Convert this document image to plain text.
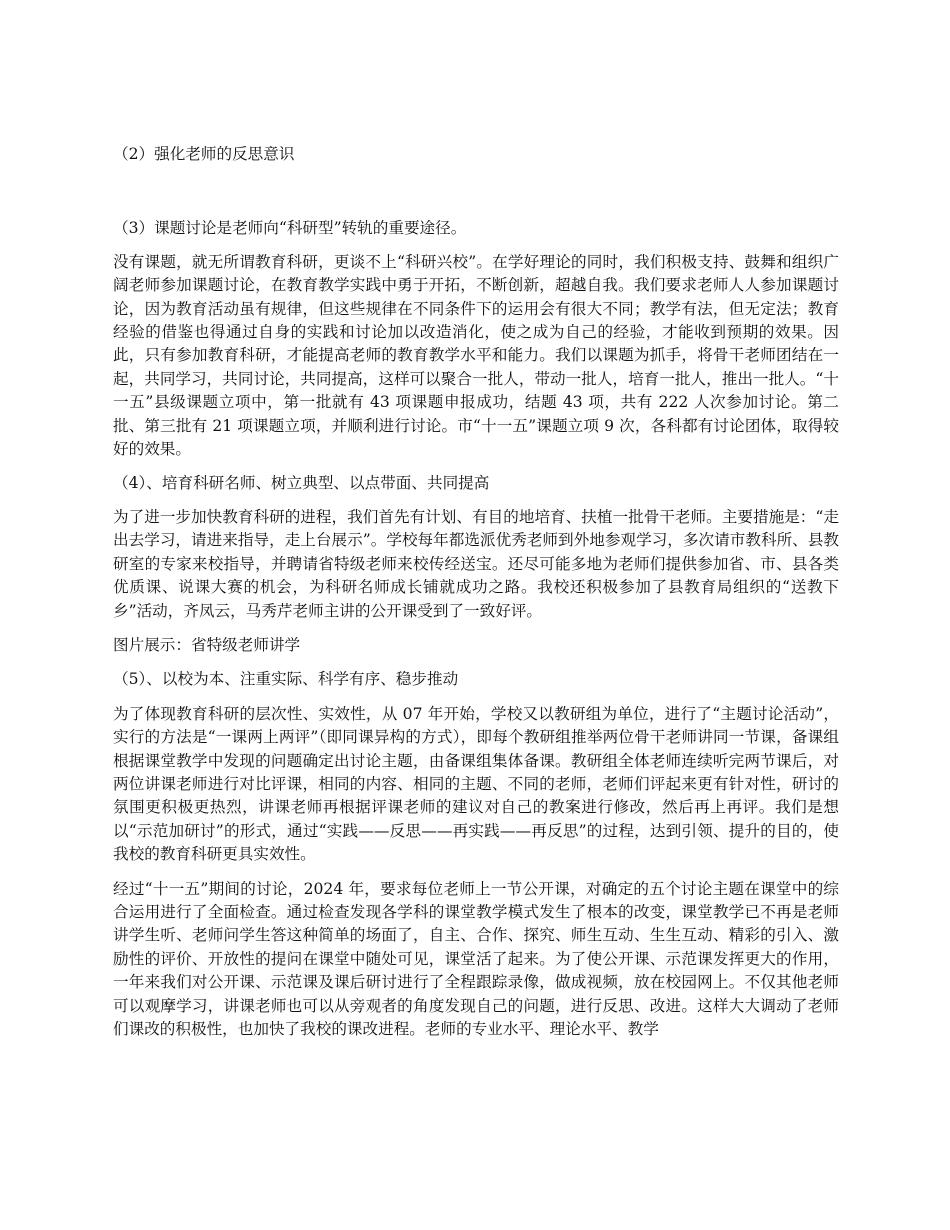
（2）强化老师的反思意识

（3）课题讨论是老师向“科研型”转轨的重要途径。

没有课题，就无所谓教育科研，更谈不上“科研兴校”。在学好理论的同时，我们积极支持、鼓舞和组织广阔老师参加课题讨论，在教育教学实践中勇于开拓，不断创新，超越自我。我们要求老师人人参加课题讨论，因为教育活动虽有规律，但这些规律在不同条件下的运用会有很大不同；教学有法，但无定法；教育经验的借鉴也得通过自身的实践和讨论加以改造消化，使之成为自己的经验，才能收到预期的效果。因此，只有参加教育科研，才能提高老师的教育教学水平和能力。我们以课题为抓手，将骨干老师团结在一起，共同学习，共同讨论，共同提高，这样可以聚合一批人，带动一批人，培育一批人，推出一批人。“十一五”县级课题立项中，第一批就有 43 项课题申报成功，结题 43 项，共有 222 人次参加讨论。第二批、第三批有 21 项课题立项，并顺利进行讨论。市“十一五”课题立项 9 次，各科都有讨论团体，取得较好的效果。

（4）、培育科研名师、树立典型、以点带面、共同提高

为了进一步加快教育科研的进程，我们首先有计划、有目的地培育、扶植一批骨干老师。主要措施是：“走出去学习，请进来指导，走上台展示”。学校每年都选派优秀老师到外地参观学习，多次请市教科所、县教研室的专家来校指导，并聘请省特级老师来校传经送宝。还尽可能多地为老师们提供参加省、市、县各类优质课、说课大赛的机会，为科研名师成长铺就成功之路。我校还积极参加了县教育局组织的“送教下乡”活动，齐凤云，马秀芹老师主讲的公开课受到了一致好评。

图片展示：省特级老师讲学

（5）、以校为本、注重实际、科学有序、稳步推动

为了体现教育科研的层次性、实效性，从 07 年开始，学校又以教研组为单位，进行了“主题讨论活动”，实行的方法是“一课两上两评”（即同课异构的方式），即每个教研组推举两位骨干老师讲同一节课，备课组根据课堂教学中发现的问题确定出讨论主题，由备课组集体备课。教研组全体老师连续听完两节课后，对两位讲课老师进行对比评课，相同的内容、相同的主题、不同的老师，老师们评起来更有针对性，研讨的氛围更积极更热烈，讲课老师再根据评课老师的建议对自己的教案进行修改，然后再上再评。我们是想以“示范加研讨”的形式，通过“实践——反思——再实践——再反思”的过程，达到引领、提升的目的，使我校的教育科研更具实效性。

经过“十一五”期间的讨论，2024 年，要求每位老师上一节公开课，对确定的五个讨论主题在课堂中的综合运用进行了全面检查。通过检查发现各学科的课堂教学模式发生了根本的改变，课堂教学已不再是老师讲学生听、老师问学生答这种简单的场面了，自主、合作、探究、师生互动、生生互动、精彩的引入、激励性的评价、开放性的提问在课堂中随处可见，课堂活了起来。为了使公开课、示范课发挥更大的作用，一年来我们对公开课、示范课及课后研讨进行了全程跟踪录像，做成视频，放在校园网上。不仅其他老师可以观摩学习，讲课老师也可以从旁观者的角度发现自己的问题，进行反思、改进。这样大大调动了老师们课改的积极性，也加快了我校的课改进程。老师的专业水平、理论水平、教学
